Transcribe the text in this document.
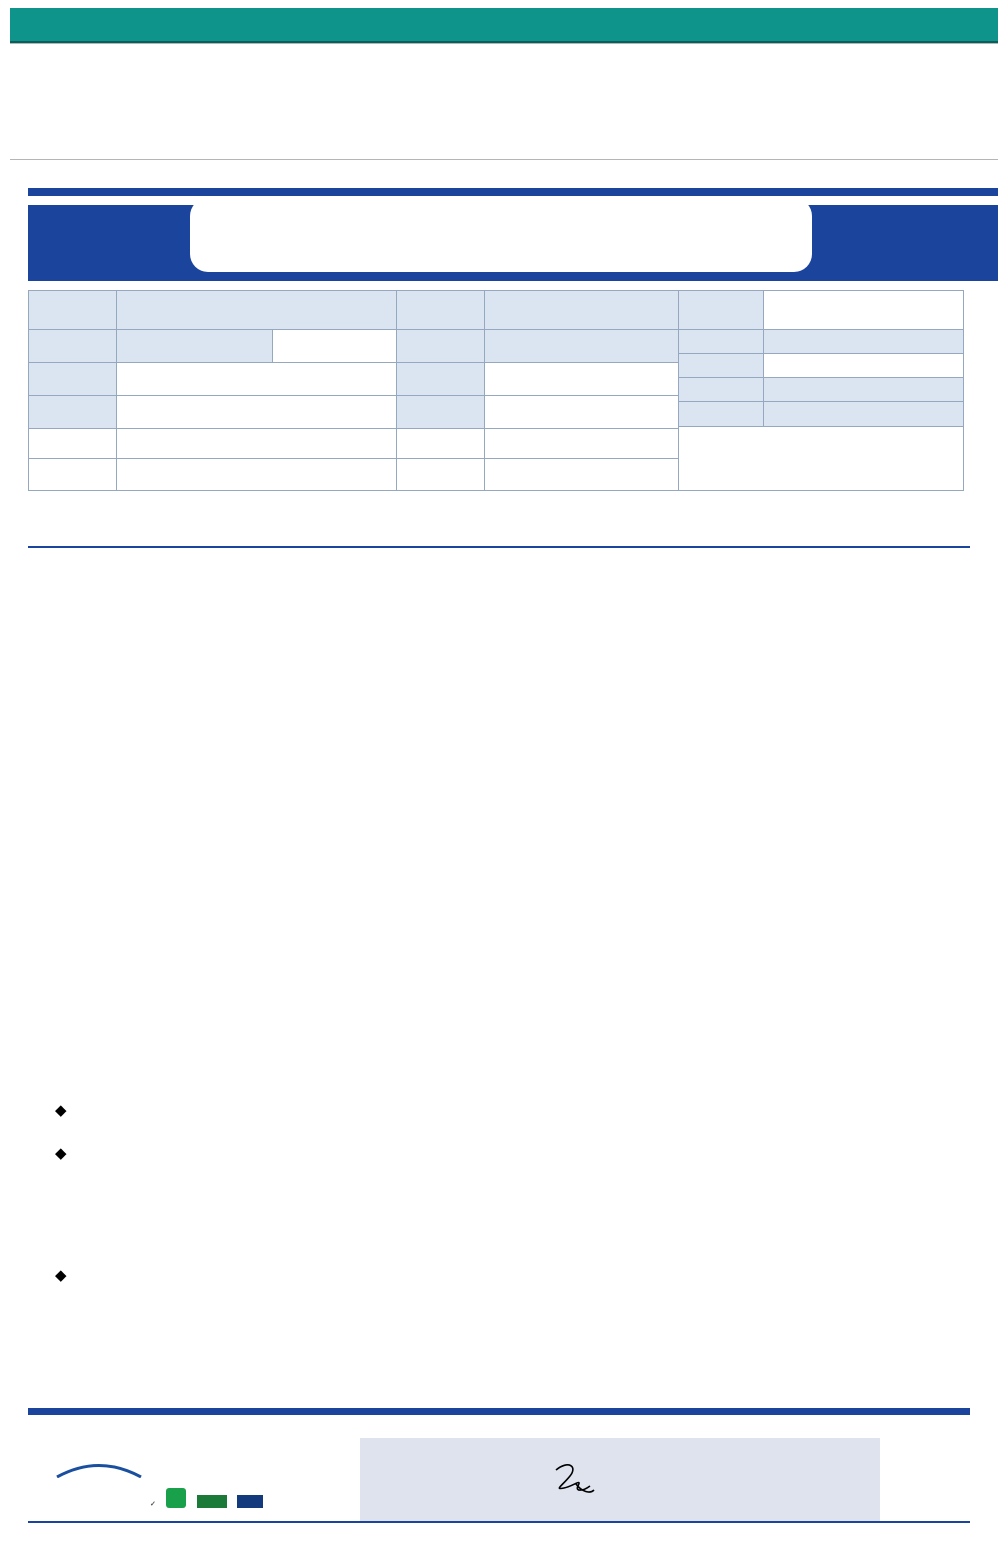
◆
◆
◆

✓
